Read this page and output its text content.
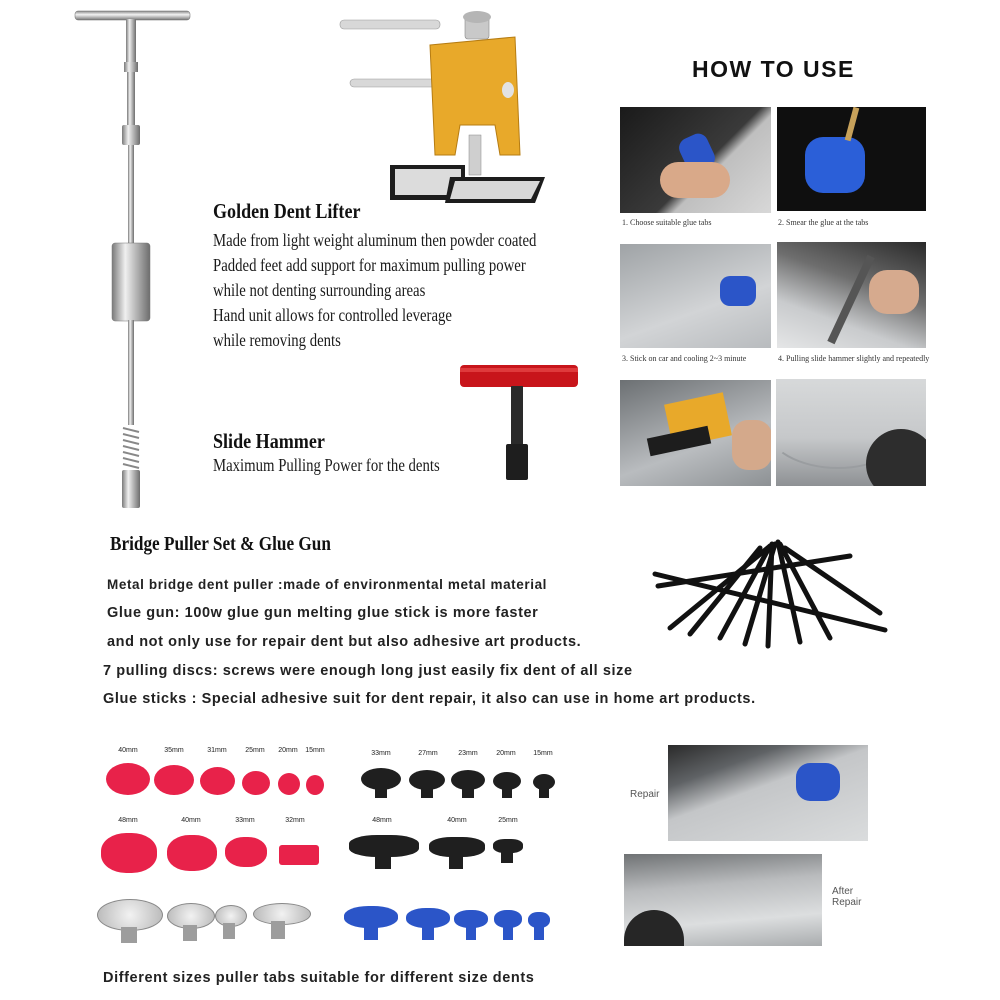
Golden Dent Lifter
Made from light weight aluminum then powder coated
Padded feet add support for maximum pulling power
while not denting surrounding areas
Hand unit allows for controlled leverage
while removing dents
Slide Hammer
Maximum Pulling Power for the dents
HOW TO USE
1. Choose suitable glue tabs	2. Smear the glue at the tabs
3. Stick on car and cooling 2~3 minute	4. Pulling slide hammer slightly and repeatedly
Bridge Puller Set & Glue Gun
Metal bridge dent puller :made of environmental metal material
Glue gun: 100w glue gun melting glue stick is more faster
and not only use for repair dent but also adhesive art products.
7 pulling discs: screws were enough long just easily fix dent of all size
Glue sticks : Special adhesive suit for dent repair, it also can use in home art products.
40mm	35mm	31mm	25mm	20mm	15mm
48mm	40mm	33mm	32mm
33mm	27mm	23mm	20mm	15mm
48mm	40mm	25mm
Repair
After
Repair
Different sizes puller tabs suitable for different size dents
